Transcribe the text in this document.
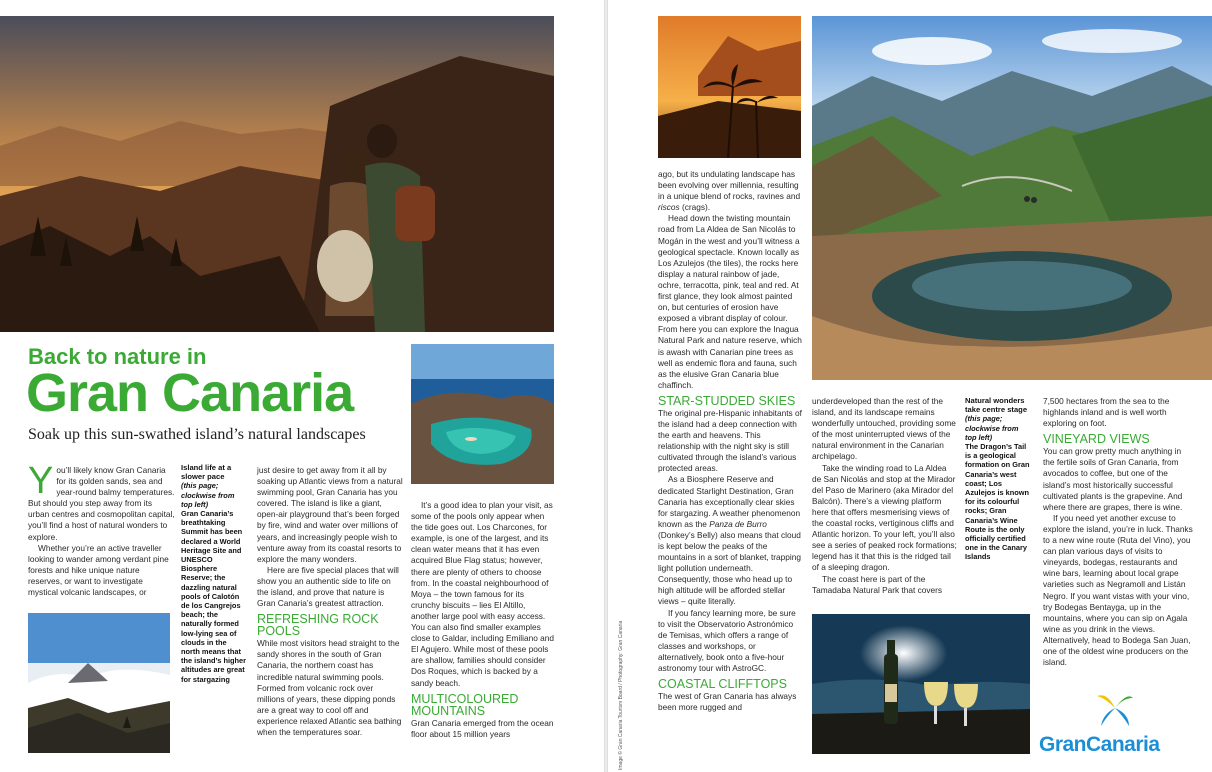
Back to nature in
Gran Canaria
Soak up this sun-swathed island’s natural landscapes

You’ll likely know Gran Canaria for its golden sands, sea and year-round balmy temperatures. But should you step away from its urban centres and cosmopolitan capital, you’ll find a host of natural wonders to explore.

Whether you’re an active traveller looking to wander among verdant pine forests and hike unique nature reserves, or want to investigate mystical volcanic landscapes, or

Island life at a slower pace
(this page; clockwise from top left)
Gran Canaria’s breathtaking Summit has been declared a World Heritage Site and UNESCO Biosphere Reserve; the dazzling natural pools of Calotón de los Cangrejos beach; the naturally formed low-lying sea of clouds in the north means that the island’s higher altitudes are great for stargazing

just desire to get away from it all by soaking up Atlantic views from a natural swimming pool, Gran Canaria has you covered. The island is like a giant, open-air playground that’s been forged by fire, wind and water over millions of years, and increasingly people wish to venture away from its coastal resorts to explore the many wonders.

Here are five special places that will show you an authentic side to life on the island, and prove that nature is Gran Canaria’s greatest attraction.

REFRESHING ROCK POOLS

While most visitors head straight to the sandy shores in the south of Gran Canaria, the northern coast has incredible natural swimming pools. Formed from volcanic rock over millions of years, these dipping ponds are a great way to cool off and experience relaxed Atlantic sea bathing when the temperatures soar.

It’s a good idea to plan your visit, as some of the pools only appear when the tide goes out. Los Charcones, for example, is one of the largest, and its clean water means that it has even acquired Blue Flag status; however, there are plenty of others to choose from. In the coastal neighbourhood of Moya – the town famous for its crunchy biscuits – lies El Altillo, another large pool with easy access. You can also find smaller examples close to Galdar, including Emiliano and El Agujero. While most of these pools are shallow, families should consider Dos Roques, which is backed by a sandy beach.

MULTICOLOURED MOUNTAINS

Gran Canaria emerged from the ocean floor about 15 million years

ago, but its undulating landscape has been evolving over millennia, resulting in a unique blend of rocks, ravines and riscos (crags).

Head down the twisting mountain road from La Aldea de San Nicolás to Mogán in the west and you’ll witness a geological spectacle. Known locally as Los Azulejos (the tiles), the rocks here display a natural rainbow of jade, ochre, terracotta, pink, teal and red. At first glance, they look almost painted on, but centuries of erosion have exposed a vibrant display of colour. From here you can explore the Inagua Natural Park and nature reserve, which is awash with Canarian pine trees as well as endemic flora and fauna, such as the elusive Gran Canaria blue chaffinch.

STAR-STUDDED SKIES

The original pre-Hispanic inhabitants of the island had a deep connection with the earth and heavens. This relationship with the night sky is still cultivated through the island’s various protected areas.

As a Biosphere Reserve and dedicated Starlight Destination, Gran Canaria has exceptionally clear skies for stargazing. A weather phenomenon known as the Panza de Burro (Donkey’s Belly) also means that cloud is kept below the peaks of the mountains in a sort of blanket, trapping light pollution underneath. Consequently, those who head up to high altitude will be afforded stellar views – quite literally.

If you fancy learning more, be sure to visit the Observatorio Astronómico de Temisas, which offers a range of classes and workshops, or alternatively, book onto a five-hour astronomy tour with AstroGC.

COASTAL CLIFFTOPS

The west of Gran Canaria has always been more rugged and

underdeveloped than the rest of the island, and its landscape remains wonderfully untouched, providing some of the most uninterrupted views of the natural environment in the Canarian archipelago.

Take the winding road to La Aldea de San Nicolás and stop at the Mirador del Paso de Marinero (aka Mirador del Balcón). There’s a viewing platform here that offers mesmerising views of the coastal rocks, vertiginous cliffs and Atlantic horizon. To your left, you’ll also see a series of peaked rock formations; legend has it that this is the ridged tail of a sleeping dragon.

The coast here is part of the Tamadaba Natural Park that covers

Natural wonders take centre stage
(this page; clockwise from top left)
The Dragon’s Tail is a geological formation on Gran Canaria’s west coast; Los Azulejos is known for its colourful rocks; Gran Canaria’s Wine Route is the only officially certified one in the Canary Islands

7,500 hectares from the sea to the highlands inland and is well worth exploring on foot.

VINEYARD VIEWS

You can grow pretty much anything in the fertile soils of Gran Canaria, from avocados to coffee, but one of the island’s most historically successful cultivated plants is the grapevine. And where there are grapes, there is wine.

If you need yet another excuse to explore the island, you’re in luck. Thanks to a new wine route (Ruta del Vino), you can plan various days of visits to vineyards, bodegas, restaurants and wine bars, learning about local grape varieties such as Negramoll and Listán Negro. If you want vistas with your vino, try Bodegas Bentayga, up in the mountains, where you can sip on Agala wine as you drink in the views. Alternatively, head to Bodega San Juan, one of the oldest wine producers on the island.

Image © Gran Canaria Tourism Board / Photography: Gran Canaria	GranCanaria
